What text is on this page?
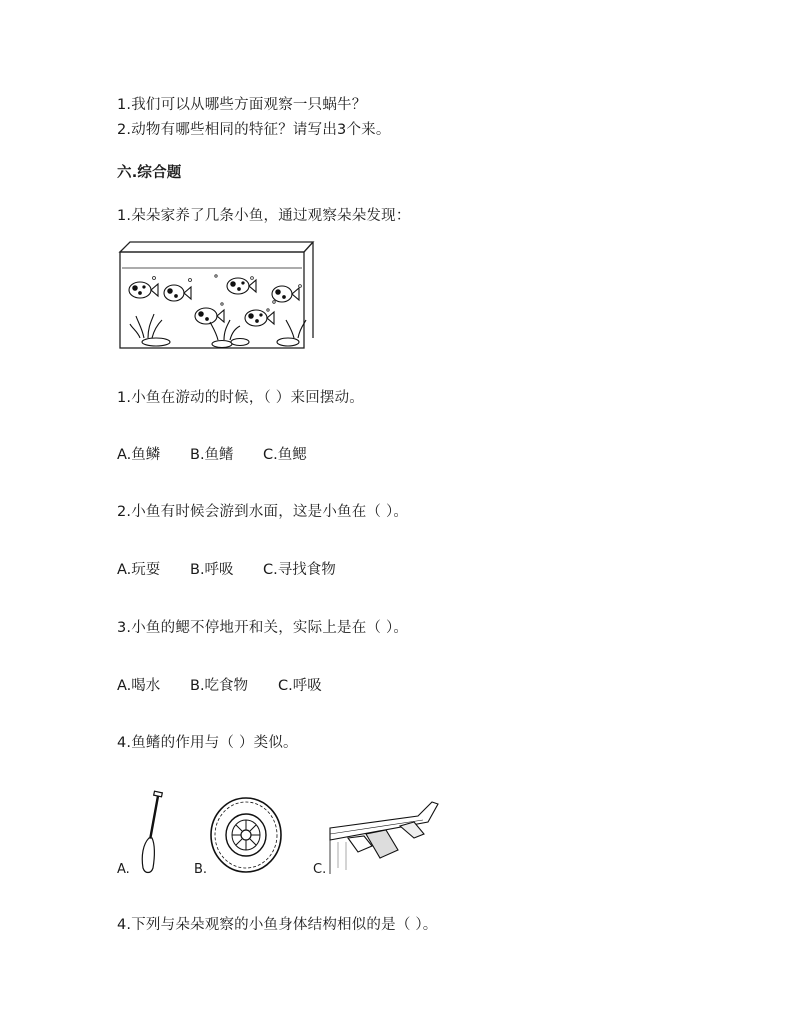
1.我们可以从哪些方面观察一只蜗牛？
2.动物有哪些相同的特征？请写出3个来。
六.综合题
1.朵朵家养了几条小鱼，通过观察朵朵发现：
1.小鱼在游动的时候，（ ）来回摆动。
A.鱼鳞 B.鱼鳍 C.鱼鳃
2.小鱼有时候会游到水面，这是小鱼在（ ）。
A.玩耍 B.呼吸 C.寻找食物
3.小鱼的鳃不停地开和关，实际上是在（ ）。
A.喝水 B.吃食物 C.呼吸
4.鱼鳍的作用与（ ）类似。
A.	B.	C.
4.下列与朵朵观察的小鱼身体结构相似的是（ ）。
